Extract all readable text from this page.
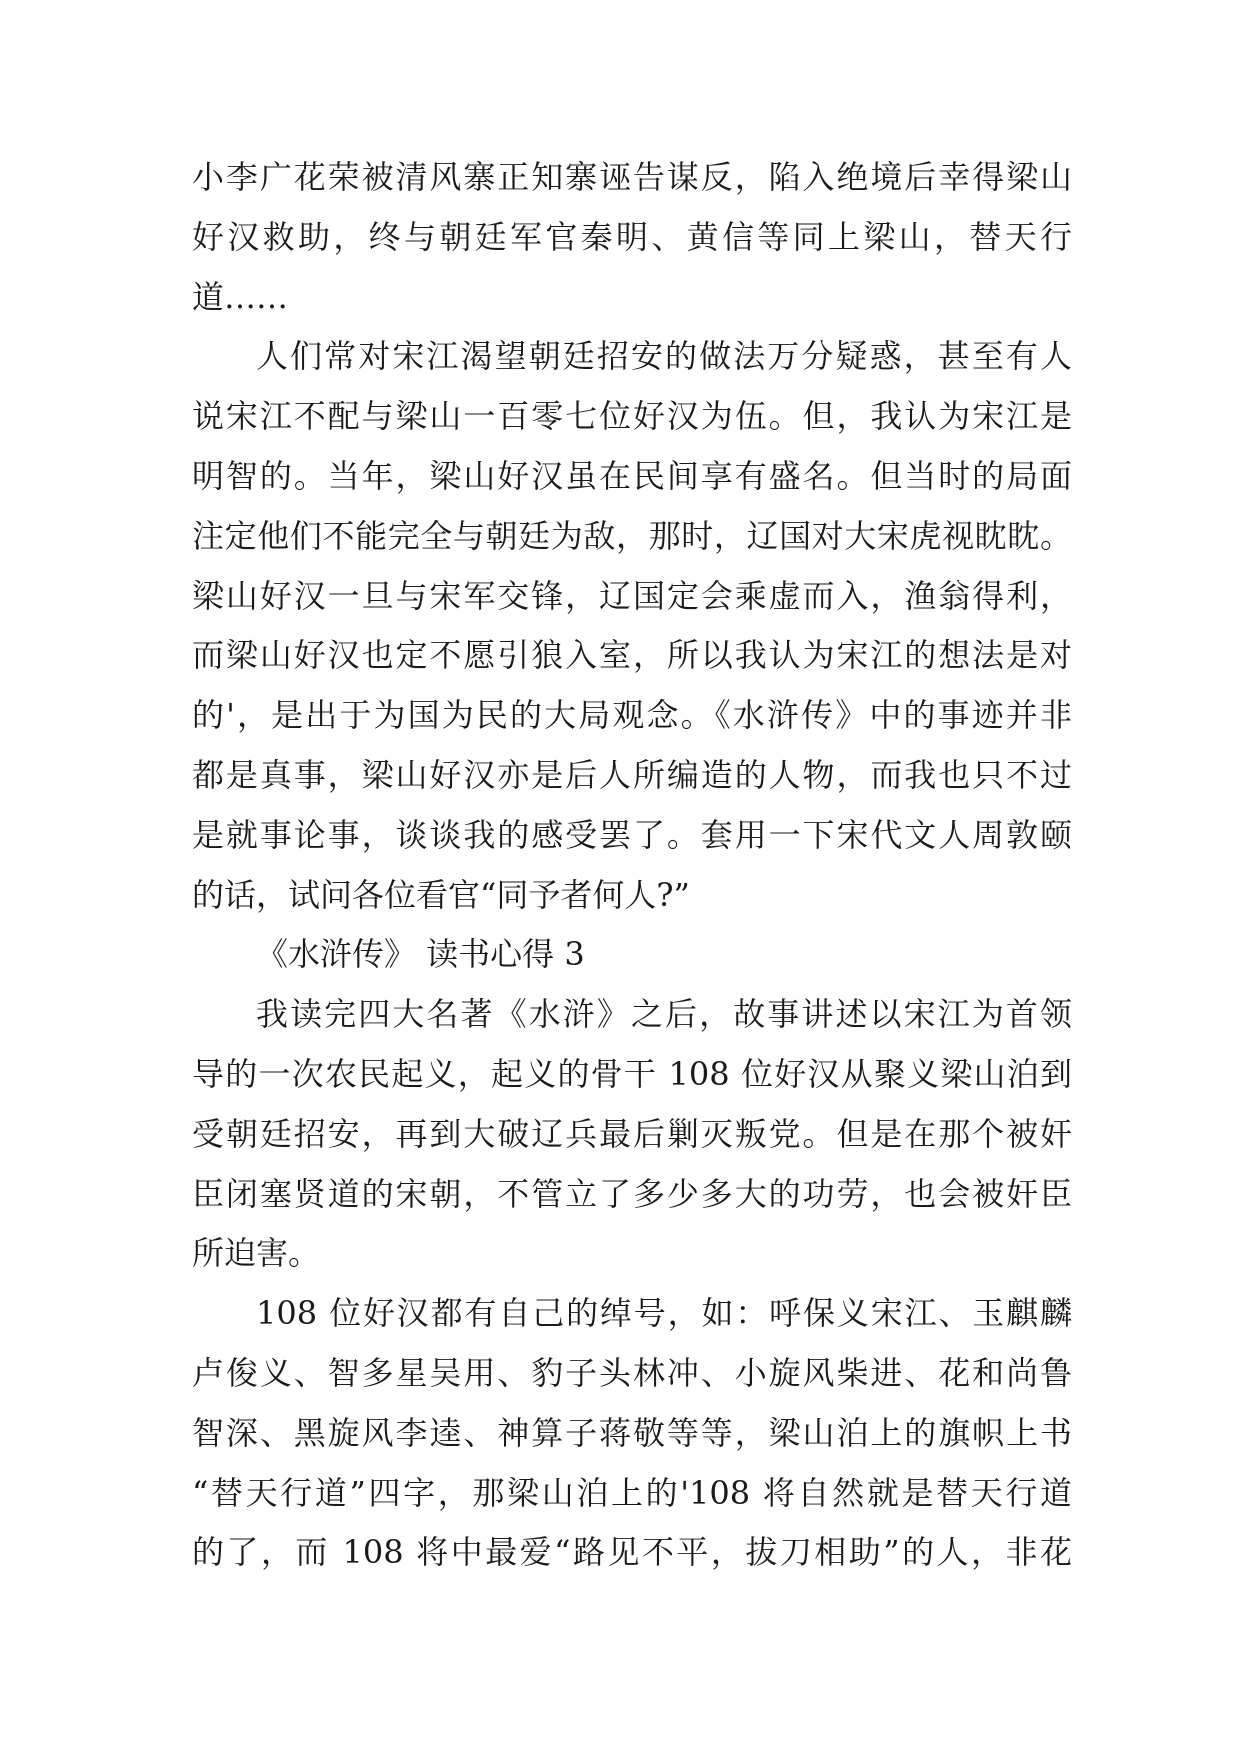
小李广花荣被清风寨正知寨诬告谋反，陷入绝境后幸得梁山
好汉救助，终与朝廷军官秦明、黄信等同上梁山，替天行
道……
人们常对宋江渴望朝廷招安的做法万分疑惑，甚至有人
说宋江不配与梁山一百零七位好汉为伍。但，我认为宋江是
明智的。当年，梁山好汉虽在民间享有盛名。但当时的局面
注定他们不能完全与朝廷为敌，那时，辽国对大宋虎视眈眈。
梁山好汉一旦与宋军交锋，辽国定会乘虚而入，渔翁得利，
而梁山好汉也定不愿引狼入室，所以我认为宋江的想法是对
的'，是出于为国为民的大局观念。《水浒传》中的事迹并非
都是真事，梁山好汉亦是后人所编造的人物，而我也只不过
是就事论事，谈谈我的感受罢了。套用一下宋代文人周敦颐
的话，试问各位看官“同予者何人?”
《水浒传》 读书心得 3
我读完四大名著《水浒》之后，故事讲述以宋江为首领
导的一次农民起义，起义的骨干 108 位好汉从聚义梁山泊到
受朝廷招安，再到大破辽兵最后剿灭叛党。但是在那个被奸
臣闭塞贤道的宋朝，不管立了多少多大的功劳，也会被奸臣
所迫害。
108 位好汉都有自己的绰号，如：呼保义宋江、玉麒麟
卢俊义、智多星吴用、豹子头林冲、小旋风柴进、花和尚鲁
智深、黑旋风李逵、神算子蒋敬等等，梁山泊上的旗帜上书
“替天行道”四字，那梁山泊上的'108 将自然就是替天行道
的了，而 108 将中最爱“路见不平，拔刀相助”的人，非花
